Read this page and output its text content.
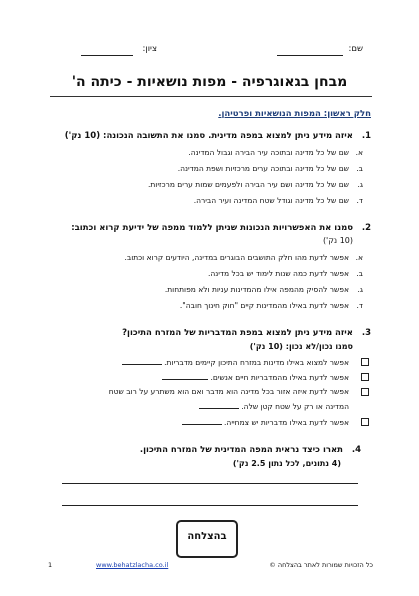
שם:
ציון:
מבחן בגאוגרפיה - מפות נושאיות - כיתה ה'
חלק ראשון: המפות הנושאיות ופרטיהן.
1.
איזה מידע ניתן למצוא במפה מדינית. סמנו את התשובה הנכונה: (10 נק')
א.
שם של כל מדינה ובתוכה עיר הבירה וגבול המדינה.
ב.
שם של כל מדינה ובתוכה ערים מרכזיות ושפת המדינה.
ג.
שם של כל מדינה ושם עיר הבירה ולפעמים שמות ערים מרכזיות.
ד.
שם של כל מדינה וגודל שטח המדינה ועיר הבירה.
2.
סמנו את האפשרויות הנכונות שניתן ללמוד ממפה של ידיעת קרוא וכתוב:
(10 נק')
א.
אפשר לדעת מהו חלק התושבים הבוגרים במדינה, היודעים קרוא וכתוב.
ב.
אפשר לדעת כמה שנות לימוד יש בכל מדינה.
ג.
אפשר להסיק מהמפה אילו מהמדינות עניות ולא מפותחות.
ד.
אפשר לדעת באילו מהמדינות קיים "חוק חינוך חובה".
3.
איזה מידע ניתן למצוא במפת המדבריות של המזרח התיכון?
סמנו נכון/לא נכון: (10 נק')
אפשר למצוא באילו מדינות במזרח התיכון קיימים מדבריות.
אפשר לדעת באילו מהמדבריות חיים אנשים.
אפשר לדעת איזה אזור בכל מדינה הוא מדבר ואם הוא משתרע על רוב שטח
המדינה או רק על שטח קטן שלה.
אפשר לדעת באילו מדבריות יש צמחייה.
4.
תארו כיצד נראית המפה המדינית של המזרח התיכון.
(4 נתונים, לכל נתון 2.5 נק')
בהצלחה
1	www.behatzlacha.co.il	כל הזכויות שמורות לאתר בהצלחה ©
